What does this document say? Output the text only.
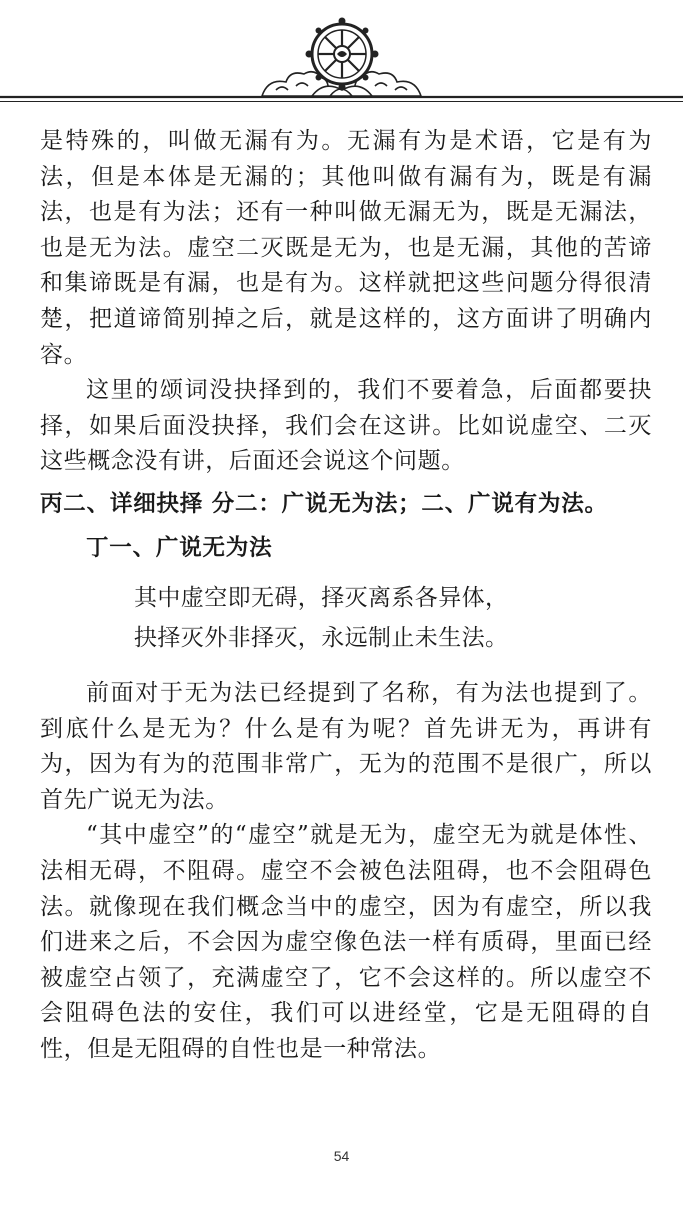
是特殊的，叫做无漏有为。无漏有为是术语，它是有为法，但是本体是无漏的；其他叫做有漏有为，既是有漏法，也是有为法；还有一种叫做无漏无为，既是无漏法，也是无为法。虚空二灭既是无为，也是无漏，其他的苦谛和集谛既是有漏，也是有为。这样就把这些问题分得很清楚，把道谛简别掉之后，就是这样的，这方面讲了明确内容。

这里的颂词没抉择到的，我们不要着急，后面都要抉择，如果后面没抉择，我们会在这讲。比如说虚空、二灭这些概念没有讲，后面还会说这个问题。

丙二、详细抉择 分二：广说无为法；二、广说有为法。

丁一、广说无为法

其中虚空即无碍，择灭离系各异体，

抉择灭外非择灭，永远制止未生法。

前面对于无为法已经提到了名称，有为法也提到了。到底什么是无为？什么是有为呢？首先讲无为，再讲有为，因为有为的范围非常广，无为的范围不是很广，所以首先广说无为法。

“其中虚空”的“虚空”就是无为，虚空无为就是体性、法相无碍，不阻碍。虚空不会被色法阻碍，也不会阻碍色法。就像现在我们概念当中的虚空，因为有虚空，所以我们进来之后，不会因为虚空像色法一样有质碍，里面已经被虚空占领了，充满虚空了，它不会这样的。所以虚空不会阻碍色法的安住，我们可以进经堂，它是无阻碍的自性，但是无阻碍的自性也是一种常法。

54
